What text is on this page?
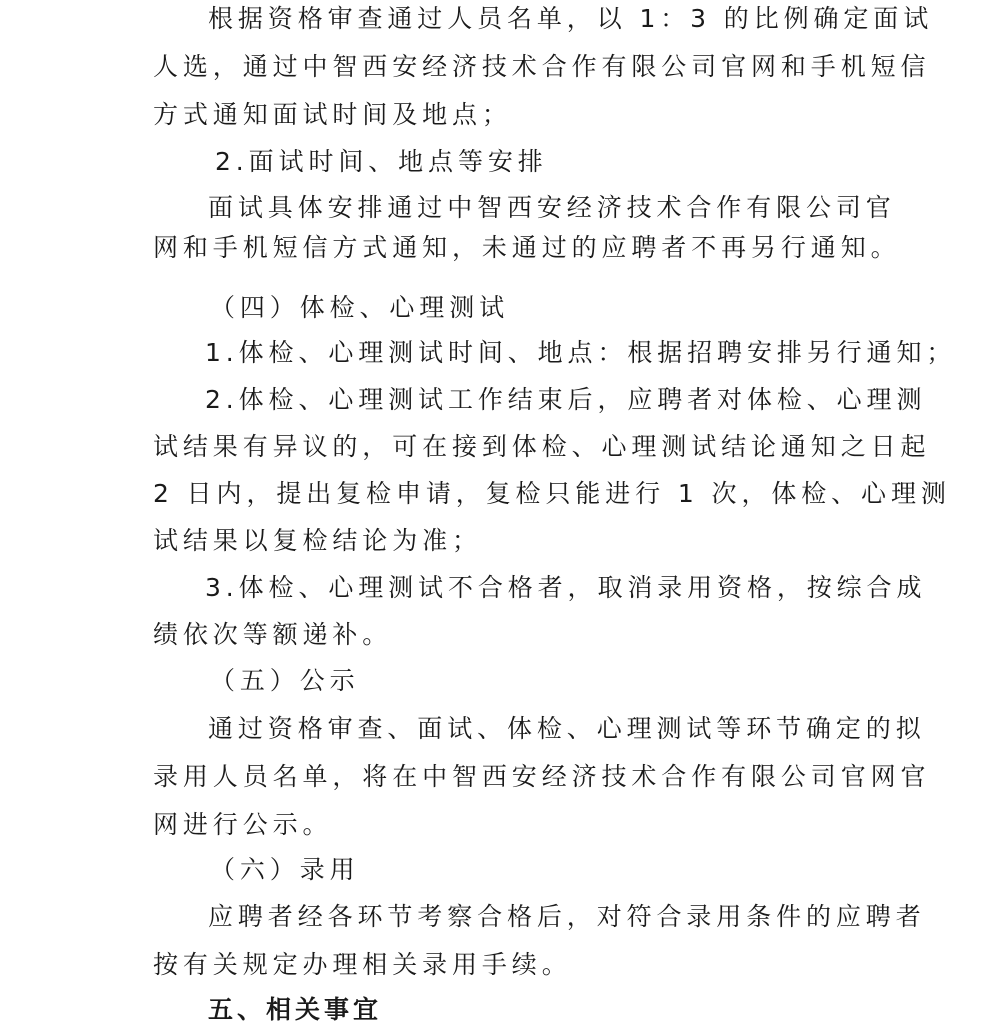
根据资格审查通过人员名单，以 1：3 的比例确定面试
人选，通过中智西安经济技术合作有限公司官网和手机短信
方式通知面试时间及地点；
2.面试时间、地点等安排
面试具体安排通过中智西安经济技术合作有限公司官
网和手机短信方式通知，未通过的应聘者不再另行通知。
（四）体检、心理测试
1.体检、心理测试时间、地点：根据招聘安排另行通知；
2.体检、心理测试工作结束后，应聘者对体检、心理测
试结果有异议的，可在接到体检、心理测试结论通知之日起
2 日内，提出复检申请，复检只能进行 1 次，体检、心理测
试结果以复检结论为准；
3.体检、心理测试不合格者，取消录用资格，按综合成
绩依次等额递补。
（五）公示
通过资格审查、面试、体检、心理测试等环节确定的拟
录用人员名单，将在中智西安经济技术合作有限公司官网官
网进行公示。
（六）录用
应聘者经各环节考察合格后，对符合录用条件的应聘者
按有关规定办理相关录用手续。
五、相关事宜
